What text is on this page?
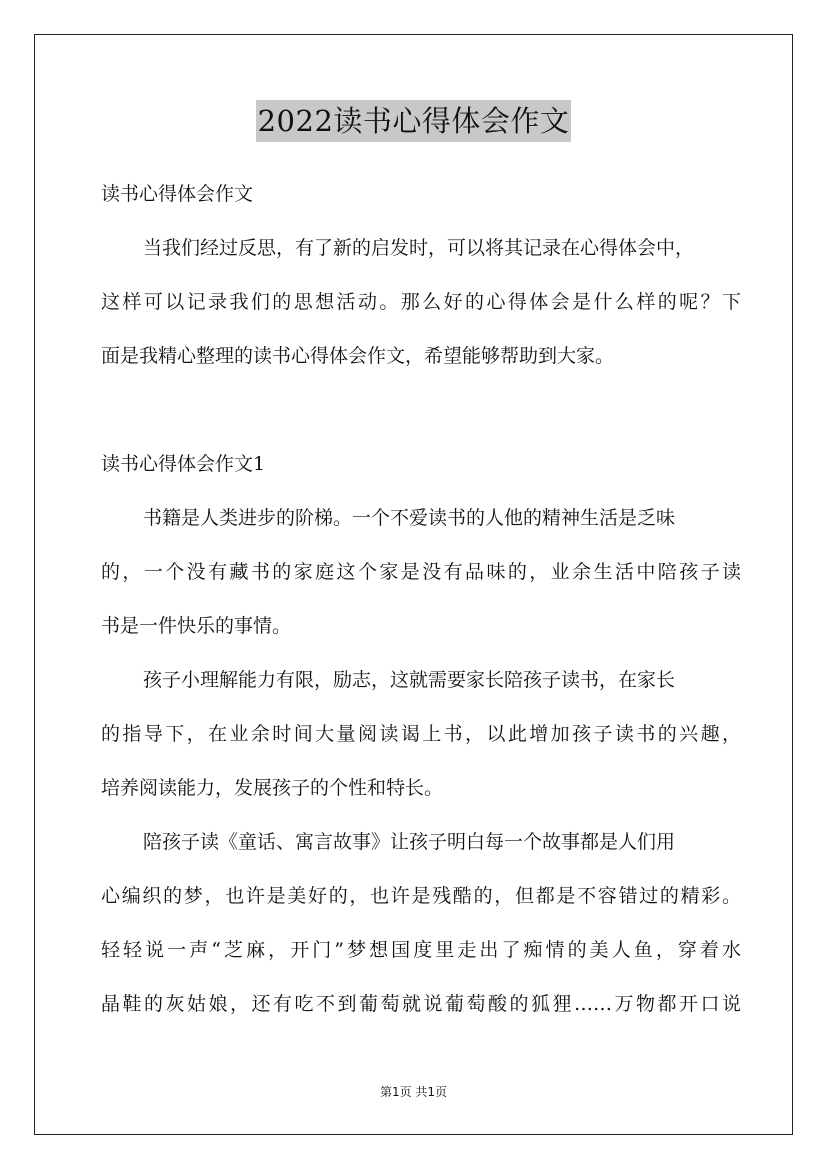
2022读书心得体会作文
读书心得体会作文
当我们经过反思，有了新的启发时，可以将其记录在心得体会中，
这样可以记录我们的思想活动。那么好的心得体会是什么样的呢？下
面是我精心整理的读书心得体会作文，希望能够帮助到大家。
读书心得体会作文1
书籍是人类进步的阶梯。一个不爱读书的人他的精神生活是乏味
的，一个没有藏书的家庭这个家是没有品味的，业余生活中陪孩子读
书是一件快乐的事情。
孩子小理解能力有限，励志，这就需要家长陪孩子读书，在家长
的指导下，在业余时间大量阅读谒上书，以此增加孩子读书的兴趣，
培养阅读能力，发展孩子的个性和特长。
陪孩子读《童话、寓言故事》让孩子明白每一个故事都是人们用
心编织的梦，也许是美好的，也许是残酷的，但都是不容错过的精彩。
轻轻说一声“芝麻，开门”梦想国度里走出了痴情的美人鱼，穿着水
晶鞋的灰姑娘，还有吃不到葡萄就说葡萄酸的狐狸……万物都开口说
第1页 共1页
